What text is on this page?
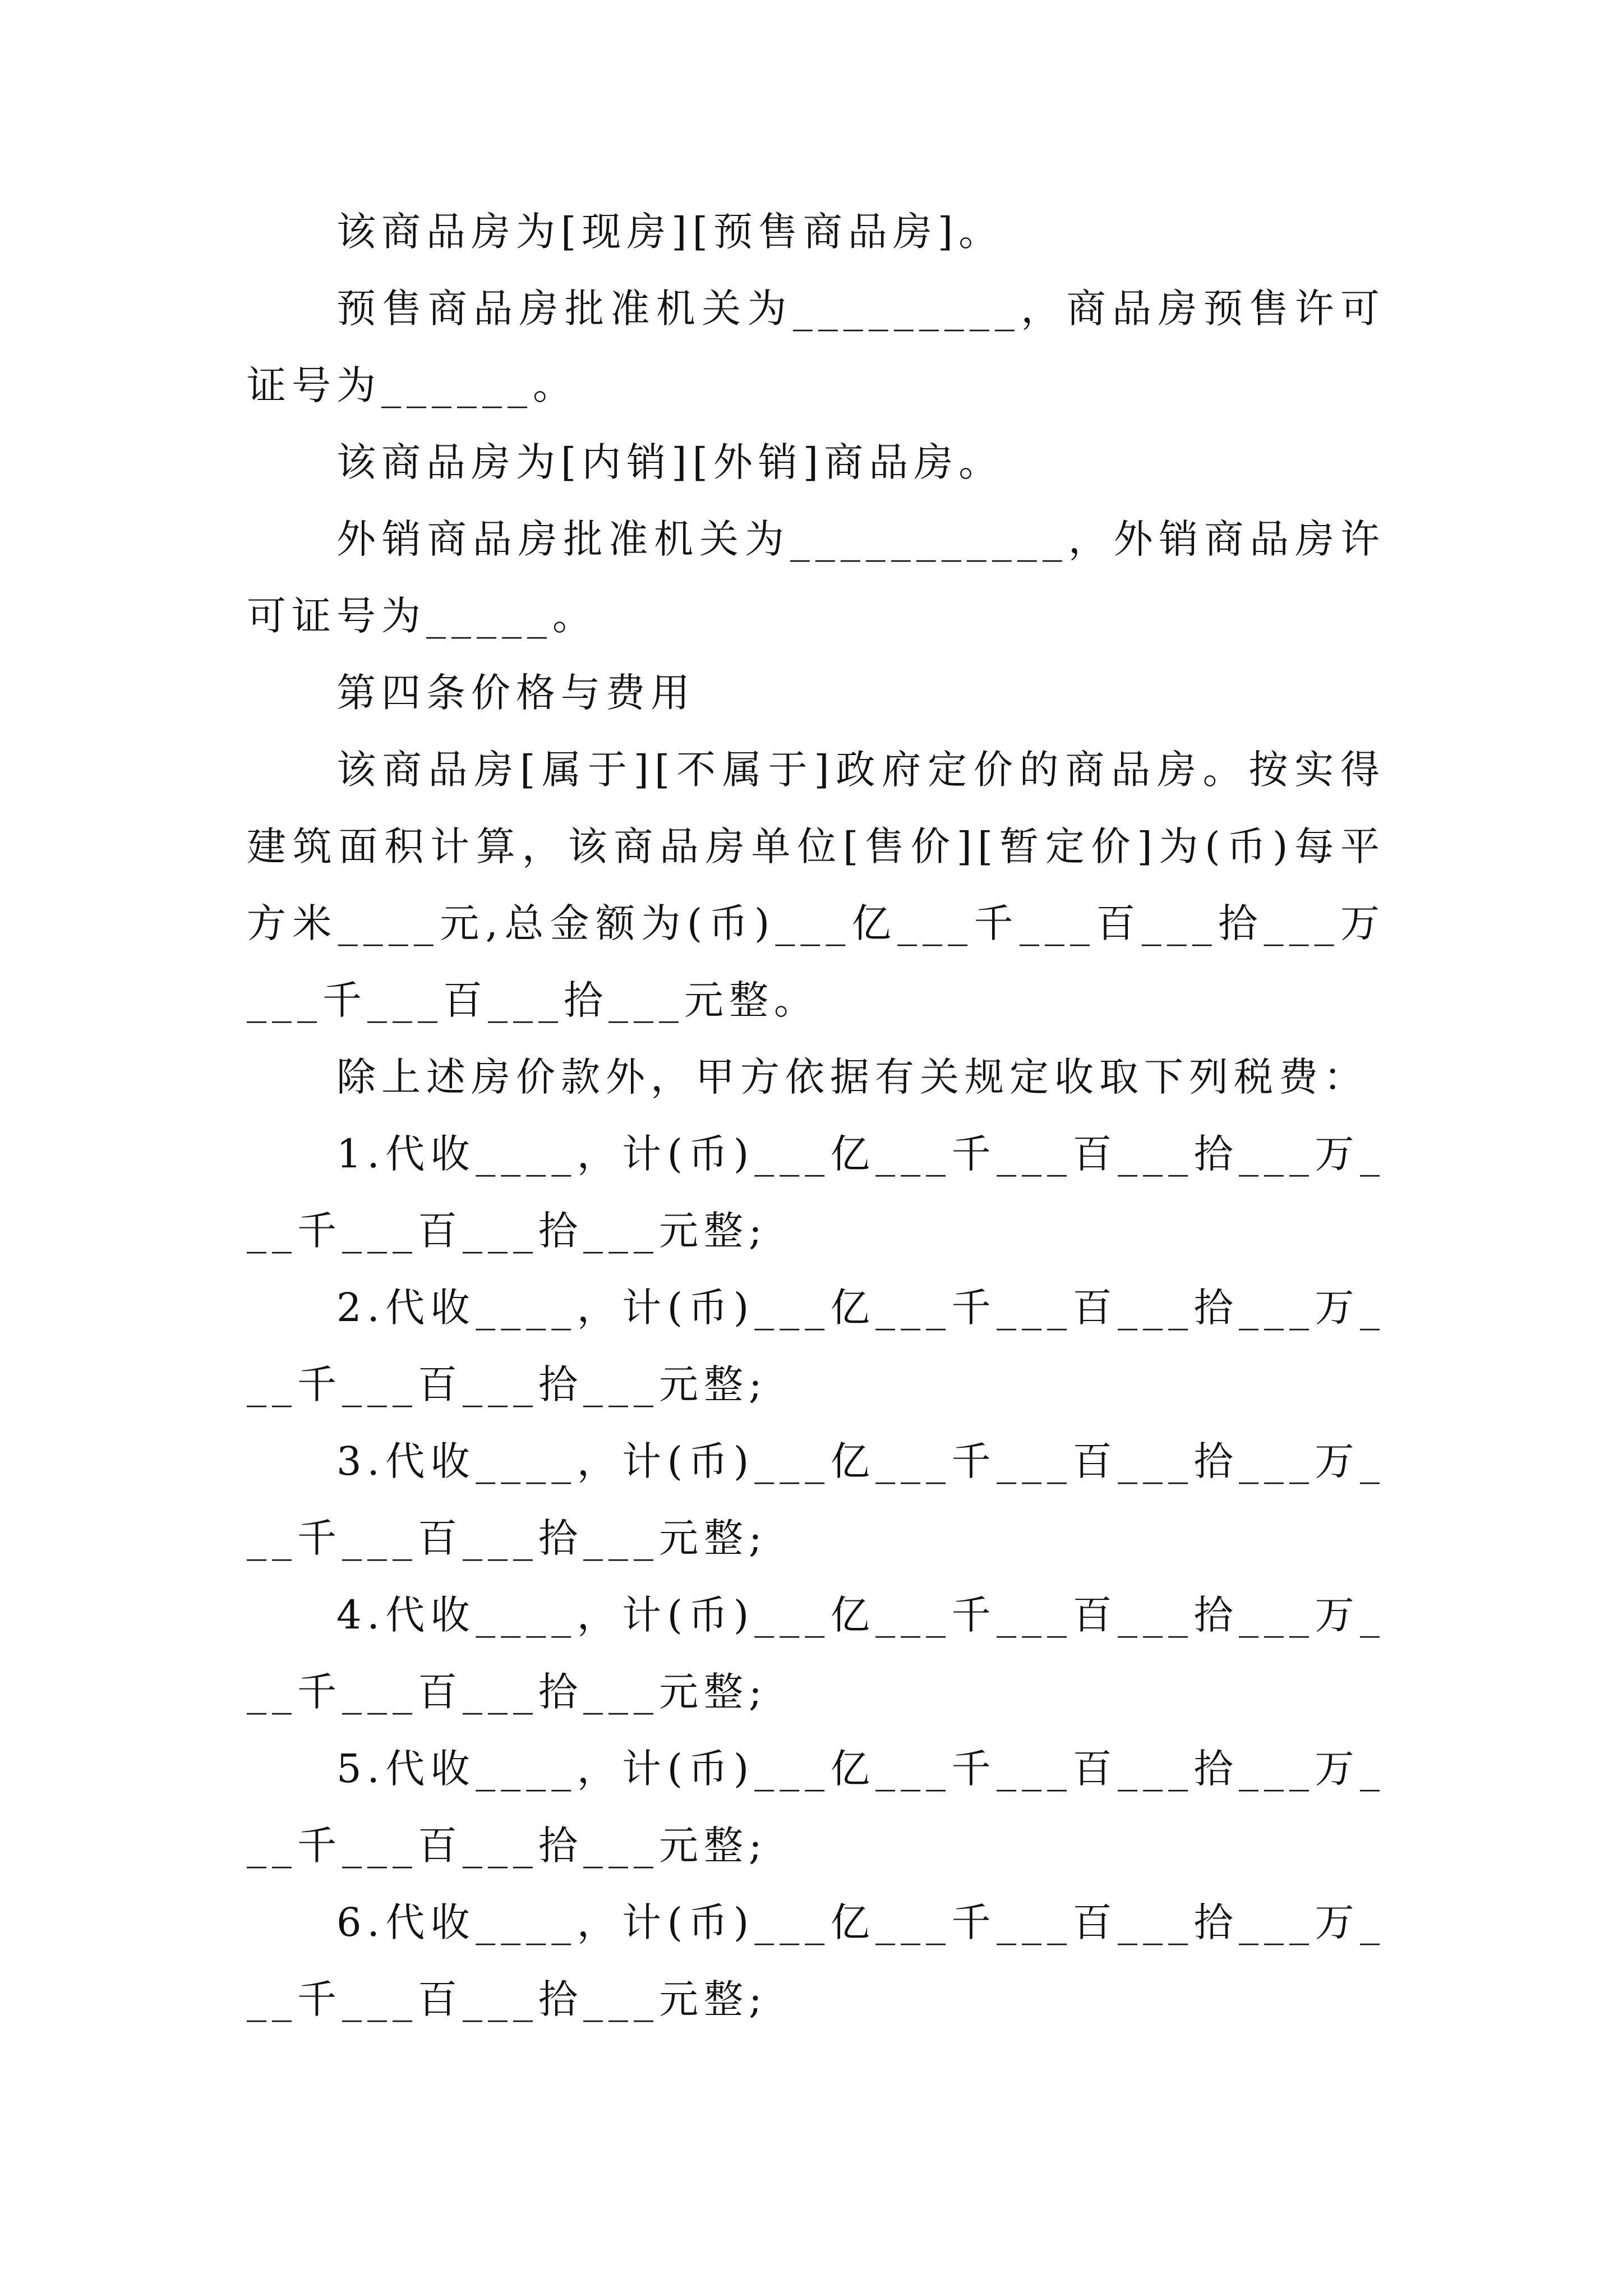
该商品房为[现房][预售商品房]。

预售商品房批准机关为_________，商品房预售许可证号为______。

该商品房为[内销][外销]商品房。

外销商品房批准机关为___________，外销商品房许可证号为_____。

第四条价格与费用

该商品房[属于][不属于]政府定价的商品房。按实得建筑面积计算，该商品房单位[售价][暂定价]为(币)每平方米____元,总金额为(币)___亿___千___百___拾___万___千___百___拾___元整。

除上述房价款外，甲方依据有关规定收取下列税费：

1.代收____，计(币)___亿___千___百___拾___万___千___百___拾___元整;

2.代收____，计(币)___亿___千___百___拾___万___千___百___拾___元整;

3.代收____，计(币)___亿___千___百___拾___万___千___百___拾___元整;

4.代收____，计(币)___亿___千___百___拾___万___千___百___拾___元整;

5.代收____，计(币)___亿___千___百___拾___万___千___百___拾___元整;

6.代收____，计(币)___亿___千___百___拾___万___千___百___拾___元整;
